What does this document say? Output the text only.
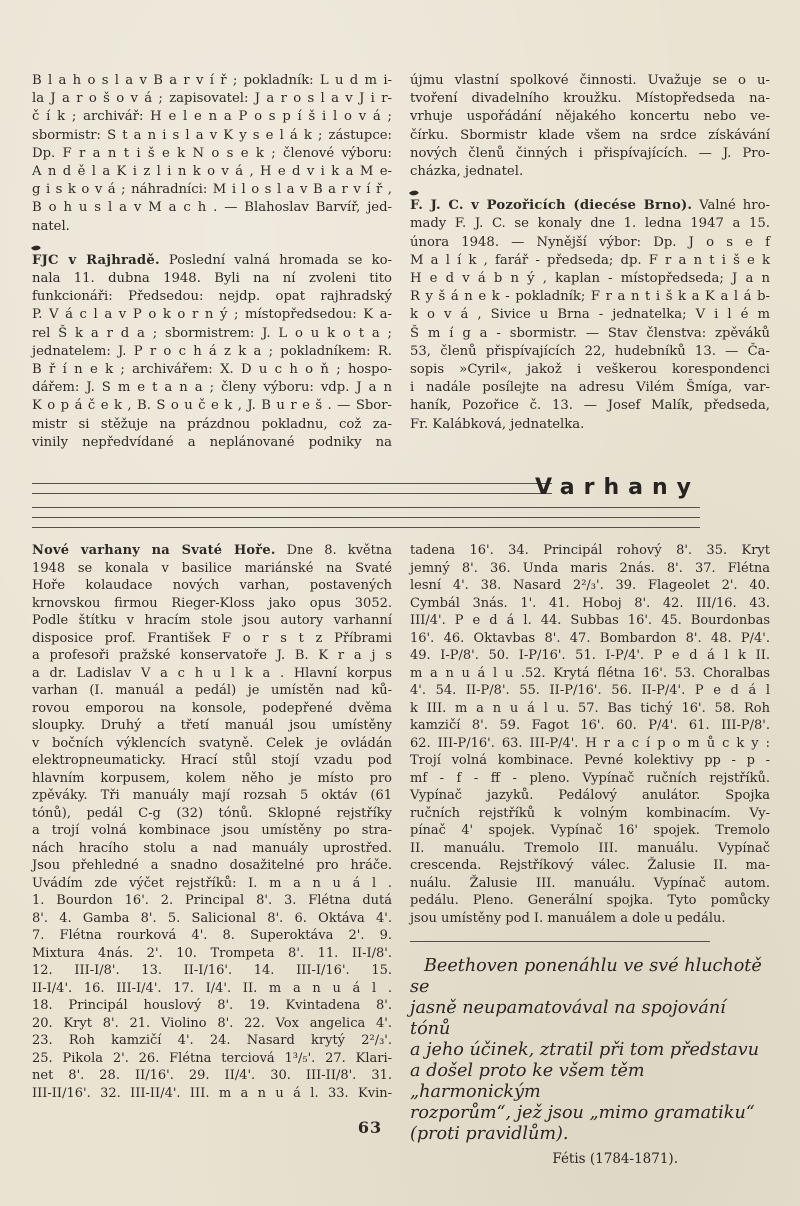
B l a h o s l a v B a r v í ř ; pokladník: L u d m i-
la J a r o š o v á ; zapisovatel: J a r o s l a v J i r-
č í k ; archivář: H e l e n a P o s p í š i l o v á ;
sbormistr: S t a n i s l a v K y s e l á k ; zástupce:
Dp. F r a n t i š e k N o s e k ; členové výboru:
A n d ě l a K i z l i n k o v á , H e d v i k a M e-
g i s k o v á ; náhradníci: M i l o s l a v B a r v í ř ,
B o h u s l a v M a c h . — Blahoslav Barvíř, jed-
natel.
FJC v Rajhradě. Poslední valná hromada se ko-
nala 11. dubna 1948. Byli na ní zvoleni tito
funkcionáři: Předsedou: nejdp. opat rajhradský
P. V á c l a v P o k o r n ý ; místopředsedou: K a-
rel Š k a r d a ; sbormistrem: J. L o u k o t a ;
jednatelem: J. P r o c h á z k a ; pokladníkem: R.
B ř í n e k ; archivářem: X. D u c h o ň ; hospo-
dářem: J. S m e t a n a ; členy výboru: vdp. J a n
K o p á č e k , B. S o u č e k , J. B u r e š . — Sbor-
mistr si stěžuje na prázdnou pokladnu, což za-
vinily nepředvídané a neplánované podniky na
újmu vlastní spolkové činnosti. Uvažuje se o u-
tvoření divadelního kroužku. Místopředseda na-
vrhuje uspořádání nějakého koncertu nebo ve-
čírku. Sbormistr klade všem na srdce získávání
nových členů činných i přispívajících. — J. Pro-
cházka, jednatel.
F. J. C. v Pozořicích (diecése Brno). Valné hro-
mady F. J. C. se konaly dne 1. ledna 1947 a 15.
února 1948. — Nynější výbor: Dp. J o s e f
M a l í k , farář - předseda; dp. F r a n t i š e k
H e d v á b n ý , kaplan - místopředseda; J a n
R y š á n e k - pokladník; F r a n t i š k a K a l á b-
k o v á , Sivice u Brna - jednatelka; V i l é m
Š m í g a - sbormistr. — Stav členstva: zpěváků
53, členů přispívajících 22, hudebníků 13. — Ča-
sopis »Cyril«, jakož i veškerou korespondenci
i nadále posílejte na adresu Vilém Šmíga, var-
haník, Pozořice č. 13. — Josef Malík, předseda,
Fr. Kalábková, jednatelka.
Varhany
Nové varhany na Svaté Hoře. Dne 8. května
1948 se konala v basilice mariánské na Svaté
Hoře kolaudace nových varhan, postavených
krnovskou firmou Rieger-Kloss jako opus 3052.
Podle štítku v hracím stole jsou autory varhanní
disposice prof. František F o r s t z Příbrami
a profesoři pražské konservatoře J. B. K r a j s
a dr. Ladislav V a c h u l k a . Hlavní korpus
varhan (I. manuál a pedál) je umístěn nad ků-
rovou emporou na konsole, podepřené dvěma
sloupky. Druhý a třetí manuál jsou umístěny
v bočních výklencích svatyně. Celek je ovládán
elektropneumaticky. Hrací stůl stojí vzadu pod
hlavním korpusem, kolem něho je místo pro
zpěváky. Tři manuály mají rozsah 5 oktáv (61
tónů), pedál C-g (32) tónů. Sklopné rejstříky
a trojí volná kombinace jsou umístěny po stra-
nách hracího stolu a nad manuály uprostřed.
Jsou přehledné a snadno dosažitelné pro hráče.
Uvádím zde výčet rejstříků: I. m a n u á l .
1. Bourdon 16'. 2. Principal 8'. 3. Flétna dutá
8'. 4. Gamba 8'. 5. Salicional 8'. 6. Oktáva 4'.
7. Flétna rourková 4'. 8. Superoktáva 2'. 9.
Mixtura 4nás. 2'. 10. Trompeta 8'. 11. II-I/8'.
12. III-I/8'. 13. II-I/16'. 14. III-I/16'. 15.
II-I/4'. 16. III-I/4'. 17. I/4'. II. m a n u á l .
18. Principál houslový 8'. 19. Kvintadena 8'.
20. Kryt 8'. 21. Violino 8'. 22. Vox angelica 4'.
23. Roh kamzičí 4'. 24. Nasard krytý 2²/₃'.
25. Pikola 2'. 26. Flétna terciová 1³/₅'. 27. Klari-
net 8'. 28. II/16'. 29. II/4'. 30. III-II/8'. 31.
III-II/16'. 32. III-II/4'. III. m a n u á l. 33. Kvin-
tadena 16'. 34. Principál rohový 8'. 35. Kryt
jemný 8'. 36. Unda maris 2nás. 8'. 37. Flétna
lesní 4'. 38. Nasard 2²/₃'. 39. Flageolet 2'. 40.
Cymbál 3nás. 1'. 41. Hoboj 8'. 42. III/16. 43.
III/4'. P e d á l. 44. Subbas 16'. 45. Bourdonbas
16'. 46. Oktavbas 8'. 47. Bombardon 8'. 48. P/4'.
49. I-P/8'. 50. I-P/16'. 51. I-P/4'. P e d á l k II.
m a n u á l u .52. Krytá flétna 16'. 53. Choralbas
4'. 54. II-P/8'. 55. II-P/16'. 56. II-P/4'. P e d á l
k III. m a n u á l u. 57. Bas tichý 16'. 58. Roh
kamzičí 8'. 59. Fagot 16'. 60. P/4'. 61. III-P/8'.
62. III-P/16'. 63. III-P/4'. H r a c í p o m ů c k y :
Trojí volná kombinace. Pevné kolektivy pp - p -
mf - f - ff - pleno. Vypínač ručních rejstříků.
Vypínač jazyků. Pedálový anulátor. Spojka
ručních rejstříků k volným kombinacím. Vy-
pínač 4' spojek. Vypínač 16' spojek. Tremolo
II. manuálu. Tremolo III. manuálu. Vypínač
crescenda. Rejstříkový válec. Žalusie II. ma-
nuálu. Žalusie III. manuálu. Vypínač autom.
pedálu. Pleno. Generální spojka. Tyto pomůcky
jsou umístěny pod I. manuálem a dole u pedálu.
Beethoven ponenáhlu ve své hluchotě se
jasně neupamatovával na spojování tónů
a jeho účinek, ztratil při tom představu
a došel proto ke všem těm „harmonickým
rozporům“, jež jsou „mimo gramatiku“
(proti pravidlům).
Fétis (1784-1871).
63
